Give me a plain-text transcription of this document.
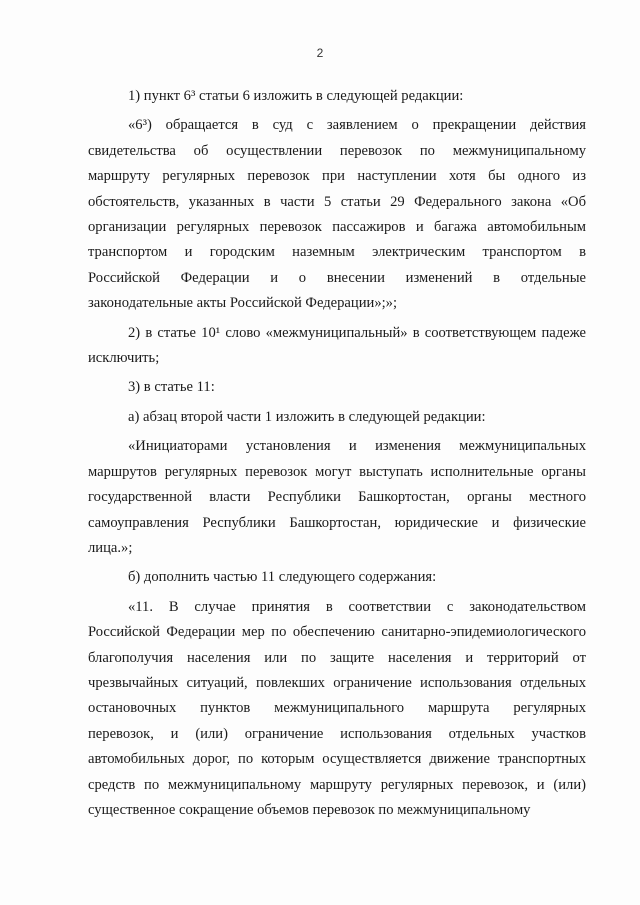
2
1) пункт 6³ статьи 6 изложить в следующей редакции:
«6³) обращается в суд с заявлением о прекращении действия
свидетельства об осуществлении перевозок по межмуниципальному
маршруту регулярных перевозок при наступлении хотя бы одного из
обстоятельств, указанных в части 5 статьи 29 Федерального закона «Об
организации регулярных перевозок пассажиров и багажа автомобильным
транспортом и городским наземным электрическим транспортом в
Российской Федерации и о внесении изменений в отдельные
законодательные акты Российской Федерации»;»;
2) в статье 10¹ слово «межмуниципальный» в соответствующем падеже
исключить;
3) в статье 11:
а) абзац второй части 1 изложить в следующей редакции:
«Инициаторами установления и изменения межмуниципальных
маршрутов регулярных перевозок могут выступать исполнительные органы
государственной власти Республики Башкортостан, органы местного
самоуправления Республики Башкортостан, юридические и физические
лица.»;
б) дополнить частью 11 следующего содержания:
«11. В случае принятия в соответствии с законодательством
Российской Федерации мер по обеспечению санитарно-эпидемиологического
благополучия населения или по защите населения и территорий от
чрезвычайных ситуаций, повлекших ограничение использования отдельных
остановочных пунктов межмуниципального маршрута регулярных
перевозок, и (или) ограничение использования отдельных участков
автомобильных дорог, по которым осуществляется движение транспортных
средств по межмуниципальному маршруту регулярных перевозок, и (или)
существенное сокращение объемов перевозок по межмуниципальному
